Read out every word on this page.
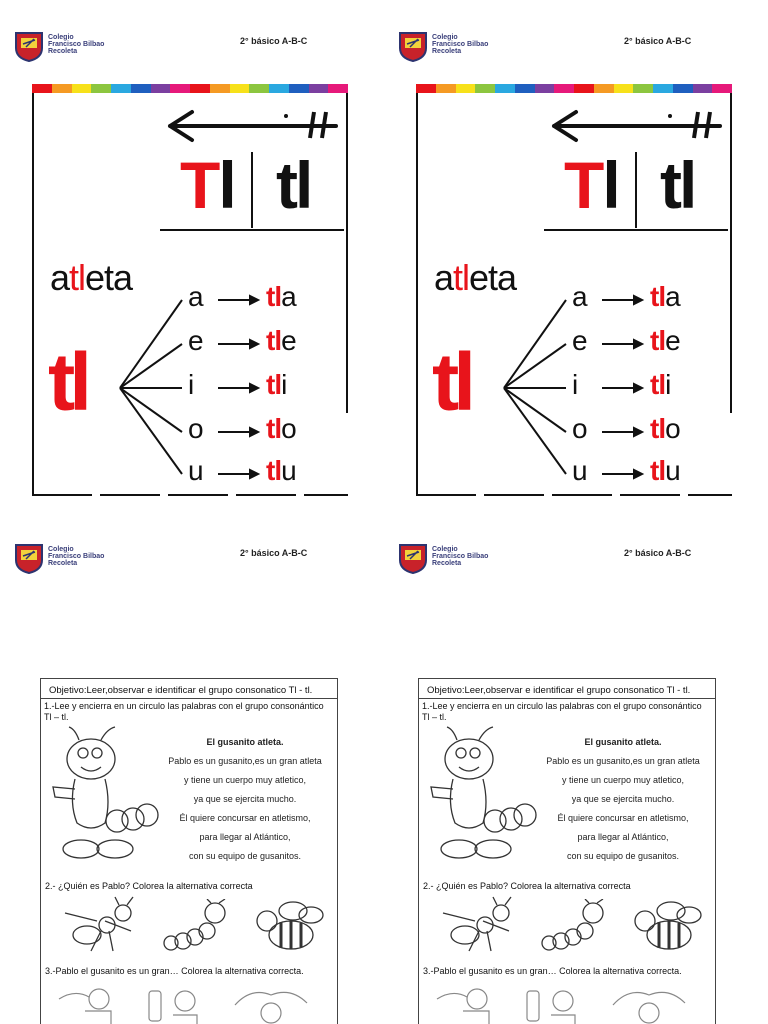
Colegio
Francisco Bilbao
Recoleta
2° básico A-B-C
Tl tl
atleta
tl
a
e
i
o
u
tla
tle
tli
tlo
tlu
Colegio
Francisco Bilbao
Recoleta
2° básico A-B-C
Tl tl
atleta
tl
a
e
i
o
u
tla
tle
tli
tlo
tlu
Colegio
Francisco Bilbao
Recoleta
2° básico A-B-C
Objetivo:Leer,observar e identificar el grupo consonatico Tl - tl.
1.-Lee y encierra en un circulo las palabras con el grupo consonántico Tl – tl.
El gusanito atleta.
Pablo es un gusanito,es un gran atleta
y tiene un cuerpo muy atletico,
ya que se ejercita mucho.
Él quiere concursar en atletismo,
para llegar al Atlántico,
con su equipo de gusanitos.
2.- ¿Quién es Pablo? Colorea la alternativa correcta
3.-Pablo el gusanito es un gran… Colorea la alternativa correcta.
Colegio
Francisco Bilbao
Recoleta
2° básico A-B-C
Objetivo:Leer,observar e identificar el grupo consonatico Tl - tl.
1.-Lee y encierra en un circulo las palabras con el grupo consonántico Tl – tl.
El gusanito atleta.
Pablo es un gusanito,es un gran atleta
y tiene un cuerpo muy atletico,
ya que se ejercita mucho.
Él quiere concursar en atletismo,
para llegar al Atlántico,
con su equipo de gusanitos.
2.- ¿Quién es Pablo? Colorea la alternativa correcta
3.-Pablo el gusanito es un gran… Colorea la alternativa correcta.
